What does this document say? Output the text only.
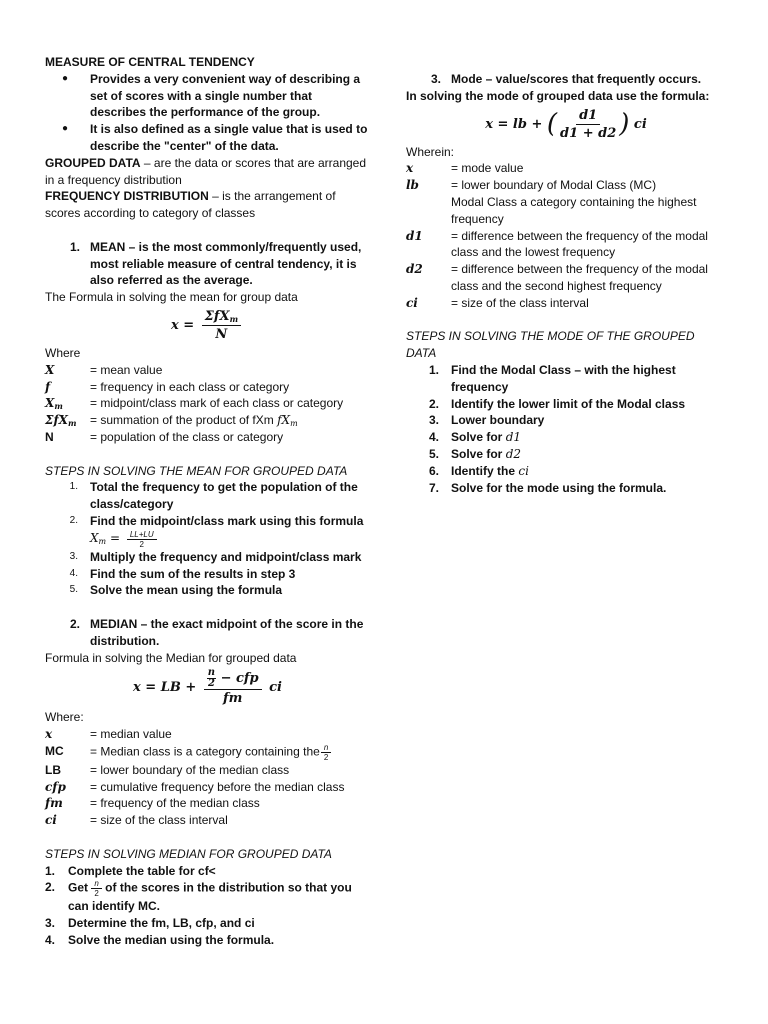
MEASURE OF CENTRAL TENDENCY

●	Provides a very convenient way of describing a set of scores with a single number that describes the performance of the group.
●	It is also defined as a single value that is used to describe the "center" of the data.

GROUPED DATA – are the data or scores that are arranged in a frequency distribution

FREQUENCY DISTRIBUTION – is the arrangement of scores according to category of classes

1. MEAN – is the most commonly/frequently used, most reliable measure of central tendency, it is also referred as the average.

The Formula in solving the mean for group data

$x = \frac{\Sigma fX_m}{N}$

Where

𝑿	= mean value
𝒇	= frequency in each class or category
$X_m$	= midpoint/class mark of each class or category
ΣfX$_m$	= summation of the product of fXm $fX_m$
N	= population of the class or category

STEPS IN SOLVING THE MEAN FOR GROUPED DATA

1.	Total the frequency to get the population of the class/category
2.	Find the midpoint/class mark using this formula
$X_m = \frac{LL+LU}{2}$
3.	Multiply the frequency and midpoint/class mark
4.	Find the sum of the results in step 3
5.	Solve the mean using the formula
2. MEDIAN – the exact midpoint of the score in the distribution.

Formula in solving the Median for grouped data

x = LB + $\frac{\frac{n}{2} - cfp}{fm}$ ci

Where:

x	= median value
MC	= Median class is a category containing the $\frac{n}{2}$
LB	= lower boundary of the median class
cfp	= cumulative frequency before the median class
fm	= frequency of the median class
ci	= size of the class interval

STEPS IN SOLVING MEDIAN FOR GROUPED DATA

1.	Complete the table for cf<
2.	Get $\frac{n}{2}$ of the scores in the distribution so that you can identify MC.
3.	Determine the fm, LB, cfp, and ci
4.	Solve the median using the formula.
3. Mode – value/scores that frequently occurs.

In solving the mode of grouped data use the formula:

x = lb + ( $\frac{d1}{d1 + d2}$ ) ci

Wherein:

x	= mode value
lb	= lower boundary of Modal Class (MC)
Modal Class a category containing the highest frequency
d1	= difference between the frequency of the modal class and the lowest frequency
d2	= difference between the frequency of the modal class and the second highest frequency
ci	= size of the class interval

STEPS IN SOLVING THE MODE OF THE GROUPED DATA

1.	Find the Modal Class – with the highest frequency
2.	Identify the lower limit of the Modal class
3.	Lower boundary
4.	Solve for d1
5.	Solve for d2
6.	Identify the ci
7.	Solve for the mode using the formula.
